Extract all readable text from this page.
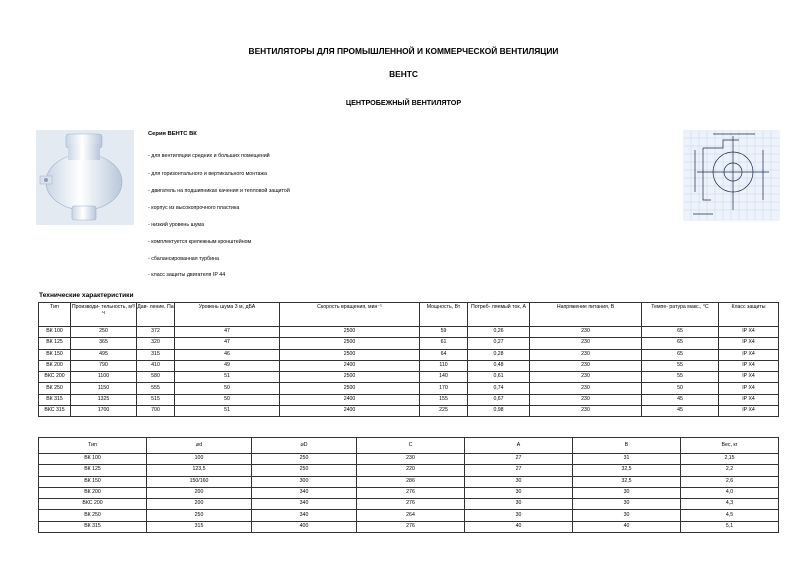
ВЕНТИЛЯТОРЫ ДЛЯ ПРОМЫШЛЕННОЙ И КОММЕРЧЕСКОЙ ВЕНТИЛЯЦИИ
ВЕНТС
ЦЕНТРОБЕЖНЫЙ ВЕНТИЛЯТОР
Серия ВЕНТС ВК
- для вентиляции средних и больших помещений
- для горизонтального и вертикального монтажа
- двигатель на подшипниках качения и тепловой защитой
- корпус из высокопрочного пластика
- низкий уровень шума
- комплектуется крепежным кронштейном
- сбалансированная турбина
- класс защиты двигателя IP 44
Технические характеристики
Тип	Производи- тельность, м³/ч	Дав- ление, Па	Уровень шума 3 м, дБА	Скорость вращения, мин⁻¹	Мощность, Вт	Потреб- ляемый ток, А	Напряжение питания, В	Темпе- ратура макс., °С	Класс защиты
ВК 100	250	372	47	2500	59	0,26	230	65	IP X4
ВК 125	365	320	47	2500	61	0,27	230	65	IP X4
ВК 150	495	315	46	2500	64	0,28	230	65	IP X4
ВК 200	790	410	49	2400	110	0,48	230	55	IP X4
ВКС 200	1100	580	51	2500	140	0,61	230	55	IP X4
ВК 250	1150	555	50	2500	170	0,74	230	50	IP X4
ВК 315	1325	515	50	2400	155	0,67	230	45	IP X4
ВКС 315	1700	700	51	2400	225	0,98	230	45	IP X4
Тип	⌀d	⌀D	C	A	B	Вес, кг
ВК 100	100	250	230	27	31	2,15
ВК 125	123,5	250	220	27	32,5	2,2
ВК 150	150/160	300	286	30	32,5	2,6
ВК 200	200	340	276	30	30	4,0
ВКС 200	200	340	276	30	30	4,3
ВК 250	250	340	264	30	30	4,5
ВК 315	315	400	276	40	40	5,1
